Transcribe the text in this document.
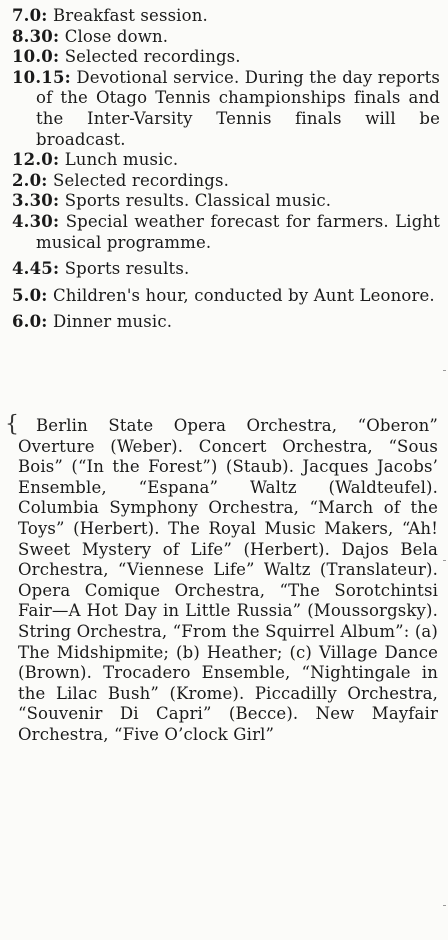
7.0: Breakfast session.
8.30: Close down.
10.0: Selected recordings.
10.15: Devotional service. During the day reports of the Otago Tennis championships finals and the Inter-Varsity Tennis finals will be broadcast.
12.0: Lunch music.
2.0: Selected recordings.
3.30: Sports results. Classical music.
4.30: Special weather forecast for farmers. Light musical programme.
4.45: Sports results.
5.0: Children's hour, conducted by Aunt Leonore.
6.0: Dinner music.
{	Berlin State Opera Orchestra, “Oberon” Overture (Weber). Concert Orchestra, “Sous Bois” (“In the Forest”) (Staub). Jacques Jacobs’ Ensemble, “Espana” Waltz (Waldteufel). Columbia Symphony Orchestra, “March of the Toys” (Herbert). The Royal Music Makers, “Ah! Sweet Mystery of Life” (Herbert). Dajos Bela Orchestra, “Viennese Life” Waltz (Translateur). Opera Comique Orchestra, “The Sorotchintsi Fair—A Hot Day in Little Russia” (Moussorgsky). String Orchestra, “From the Squirrel Album”: (a) The Midshipmite; (b) Heather; (c) Village Dance (Brown). Trocadero Ensemble, “Nightingale in the Lilac Bush” (Krome). Piccadilly Orchestra, “Souvenir Di Capri” (Becce). New Mayfair Orchestra, “Five O’clock Girl”
